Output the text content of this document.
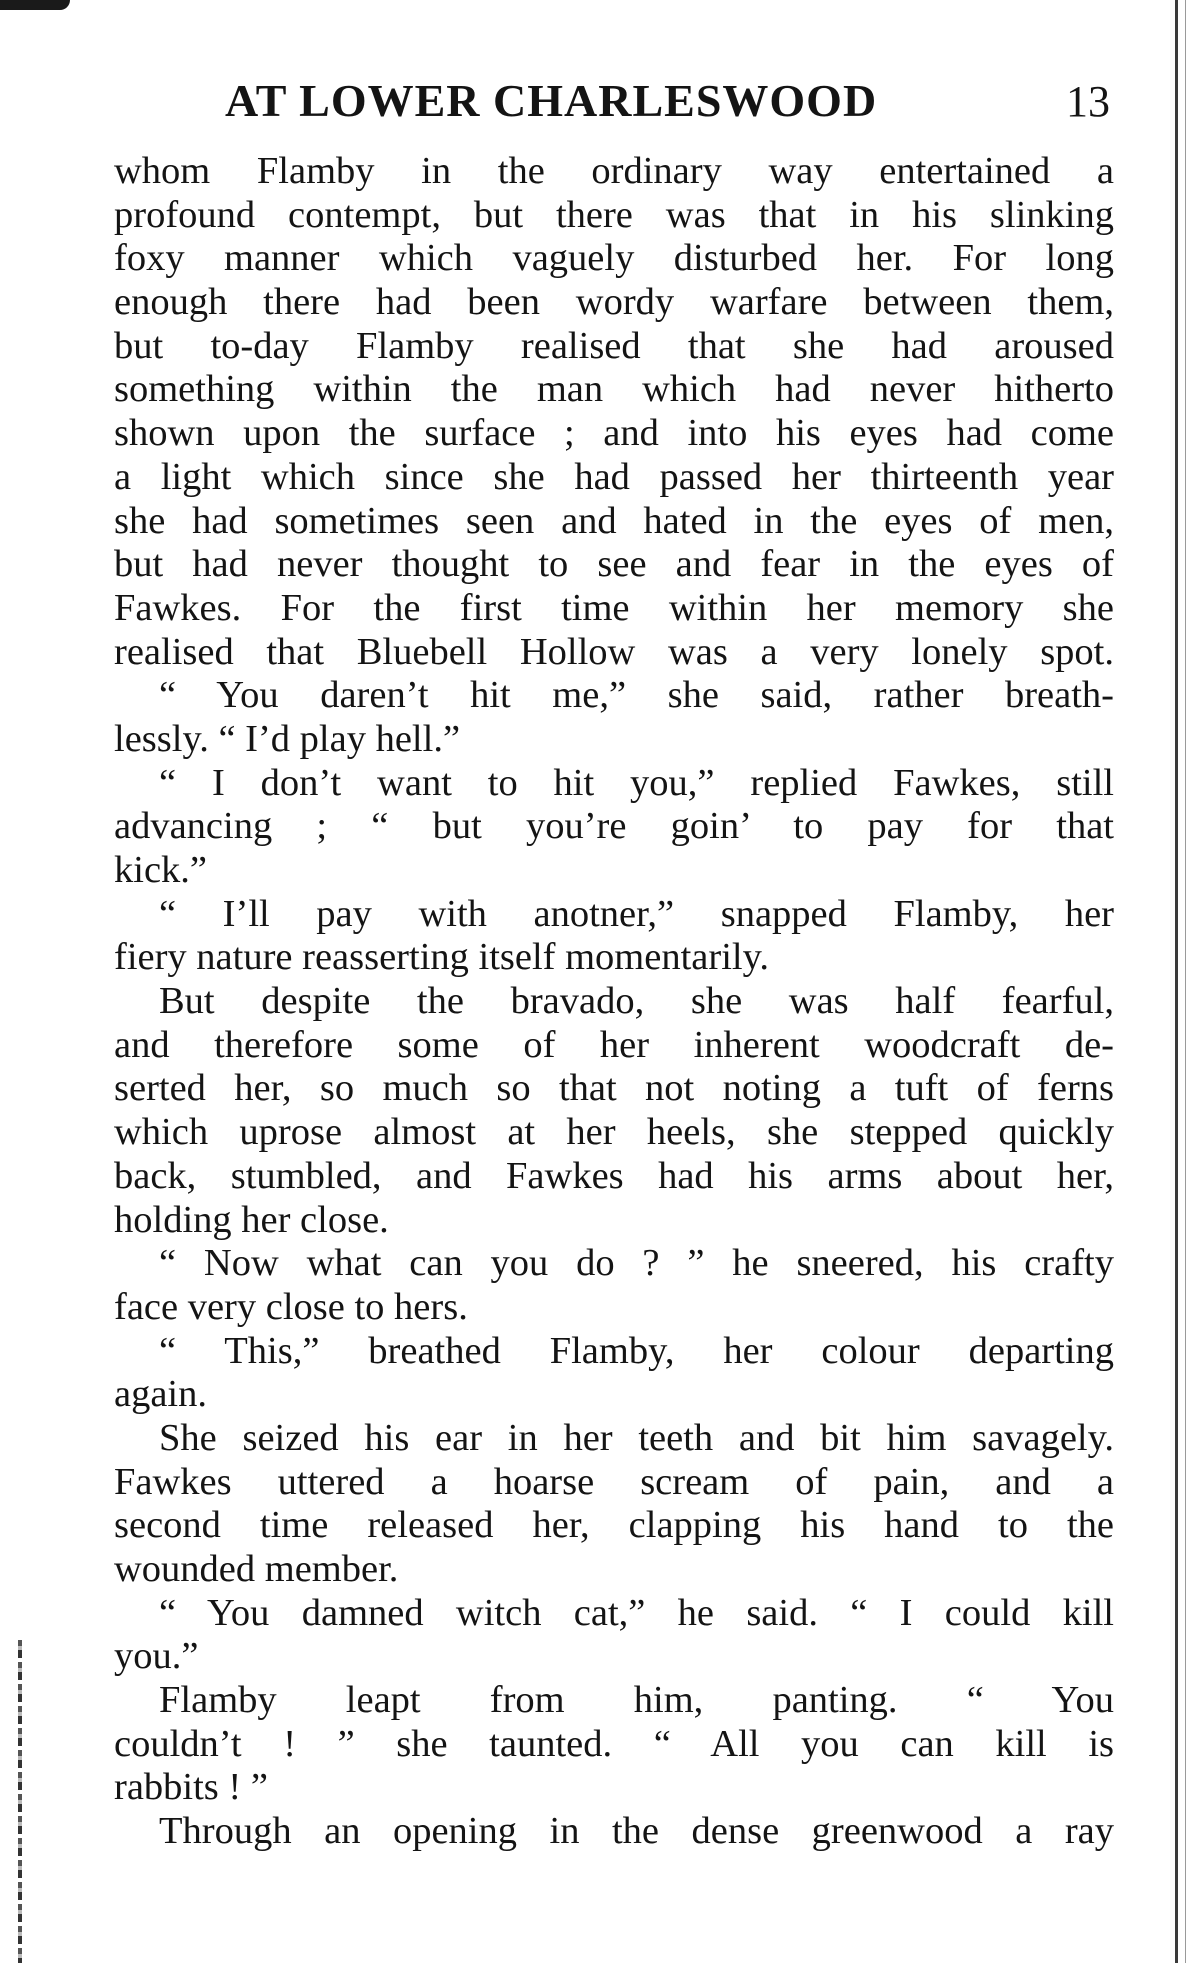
AT LOWER CHARLESWOOD	13
whom Flamby in the ordinary way entertained a
profound contempt, but there was that in his slinking
foxy manner which vaguely disturbed her. For long
enough there had been wordy warfare between them,
but to-day Flamby realised that she had aroused
something within the man which had never hitherto
shown upon the surface ; and into his eyes had come
a light which since she had passed her thirteenth year
she had sometimes seen and hated in the eyes of men,
but had never thought to see and fear in the eyes of
Fawkes. For the first time within her memory she
realised that Bluebell Hollow was a very lonely spot.
“ You daren’t hit me,” she said, rather breath-
lessly. “ I’d play hell.”
“ I don’t want to hit you,” replied Fawkes, still
advancing ; “ but you’re goin’ to pay for that
kick.”
“ I’ll pay with anotner,” snapped Flamby, her
fiery nature reasserting itself momentarily.
But despite the bravado, she was half fearful,
and therefore some of her inherent woodcraft de-
serted her, so much so that not noting a tuft of ferns
which uprose almost at her heels, she stepped quickly
back, stumbled, and Fawkes had his arms about her,
holding her close.
“ Now what can you do ? ” he sneered, his crafty
face very close to hers.
“ This,” breathed Flamby, her colour departing
again.
She seized his ear in her teeth and bit him savagely.
Fawkes uttered a hoarse scream of pain, and a
second time released her, clapping his hand to the
wounded member.
“ You damned witch cat,” he said. “ I could kill
you.”
Flamby leapt from him, panting. “ You
couldn’t ! ” she taunted. “ All you can kill is
rabbits ! ”
Through an opening in the dense greenwood a ray
